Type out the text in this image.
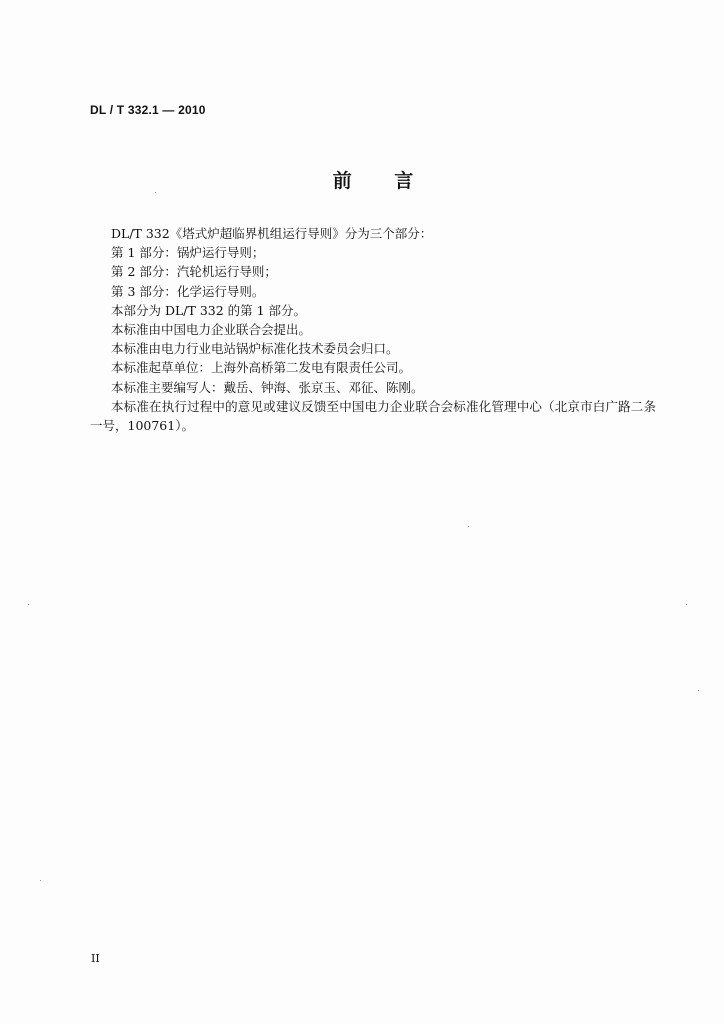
DL / T 332.1 — 2010
前 言

DL/T 332《塔式炉超临界机组运行导则》分为三个部分：

第 1 部分：锅炉运行导则；

第 2 部分：汽轮机运行导则；

第 3 部分：化学运行导则。

本部分为 DL/T 332 的第 1 部分。

本标准由中国电力企业联合会提出。

本标准由电力行业电站锅炉标准化技术委员会归口。

本标准起草单位：上海外高桥第二发电有限责任公司。

本标准主要编写人：戴岳、钟海、张京玉、邓征、陈刚。

本标准在执行过程中的意见或建议反馈至中国电力企业联合会标准化管理中心（北京市白广路二条一号，100761）。

II
